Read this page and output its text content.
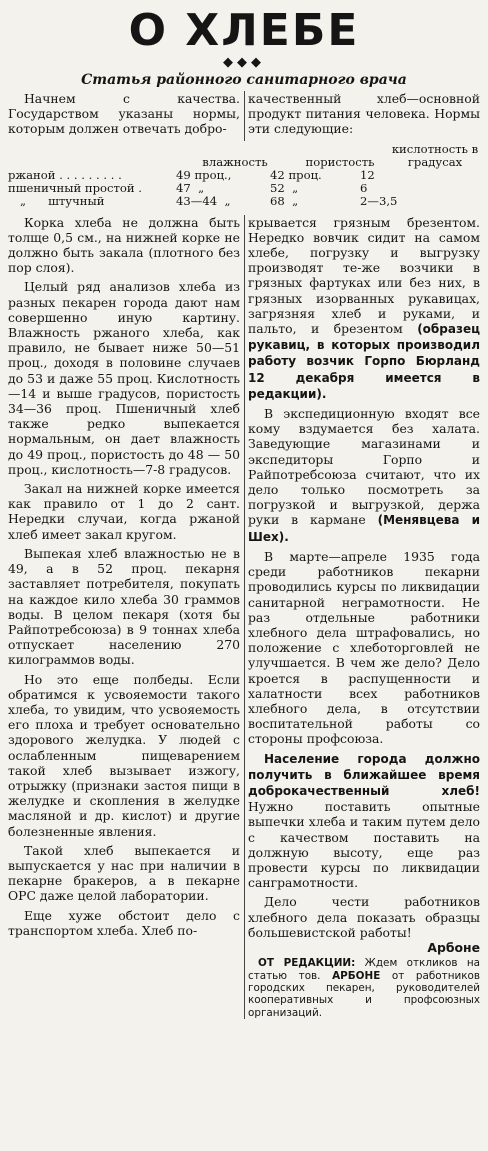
О ХЛЕБЕ
◆◆◆
Статья районного санитарного врача

Начнем с качества. Государством указаны нормы, которым должен отвечать добро-

качественный хлеб—основной продукт питания человека. Нормы эти следующие:

влажность	пористость
кислотность в градусах
ржаной . . . . . . . . .	49 проц.,	42 проц.	12
пшеничный простой .	47  „	52  „	6
„      штучный	43—44  „	68  „	2—3,5

Корка хлеба не должна быть толще 0,5 см., на нижней корке не должно быть закала (плотного без пор слоя).

Целый ряд анализов хлеба из разных пекарен города дают нам совершенно иную картину. Влажность ржаного хлеба, как правило, не бывает ниже 50—51 проц., доходя в половине случаев до 53 и даже 55 проц. Кислотность—14 и выше градусов, пористость 34—36 проц. Пшеничный хлеб также редко выпекается нормальным, он дает влажность до 49 проц., пористость до 48 — 50 проц., кислотность—7-8 градусов.

Закал на нижней корке имеется как правило от 1 до 2 сант. Нередки случаи, когда ржаной хлеб имеет закал кругом.

Выпекая хлеб влажностью не в 49, а в 52 проц. пекарня заставляет потребителя, покупать на каждое кило хлеба 30 граммов воды. В целом пекаря (хотя бы Райпотребсоюза) в 9 тоннах хлеба отпускает населению 270 килограммов воды.

Но это еще полбеды. Если обратимся к усвояемости такого хлеба, то увидим, что усвояемость его плоха и требует основательно здорового желудка. У людей с ослабленным пищеварением такой хлеб вызывает изжогу, отрыжку (признаки застоя пищи в желудке и скопления в желудке масляной и др. кислот) и другие болезненные явления.

Такой хлеб выпекается и выпускается у нас при наличии в пекарне бракеров, а в пекарне ОРС даже целой лаборатории.

Еще хуже обстоит дело с транспортом хлеба. Хлеб по-

крывается грязным брезентом. Нередко вовчик сидит на самом хлебе, погрузку и выгрузку производят те-же возчики в грязных фартуках или без них, в грязных изорванных рукавицах, загрязняя хлеб и руками, и пальто, и брезентом (образец рукавиц, в которых производил работу возчик Горпо Бюрланд 12 декабря имеется в редакции).

В экспедиционную входят все кому вздумается без халата. Заведующие магазинами и экспедиторы Горпо и Райпотребсоюза считают, что их дело только посмотреть за погрузкой и выгрузкой, держа руки в кармане (Менявцева и Шех).

В марте—апреле 1935 года среди работников пекарни проводились курсы по ликвидации санитарной неграмотности. Не раз отдельные работники хлебного дела штрафовались, но положение с хлеботорговлей не улучшается. В чем же дело? Дело кроется в распущенности и халатности всех работников хлебного дела, в отсутствии воспитательной работы со стороны профсоюза.

Население города должно получить в ближайшее время доброкачественный хлеб! Нужно поставить опытные выпечки хлеба и таким путем дело с качеством поставить на должную высоту, еще раз провести курсы по ликвидации санграмотности.

Дело чести работников хлебного дела показать образцы большевистской работы!

Арбоне

ОТ РЕДАКЦИИ: Ждем откликов на статью тов. АРБОНЕ от работников городских пекарен, руководителей кооперативных и профсоюзных организаций.
